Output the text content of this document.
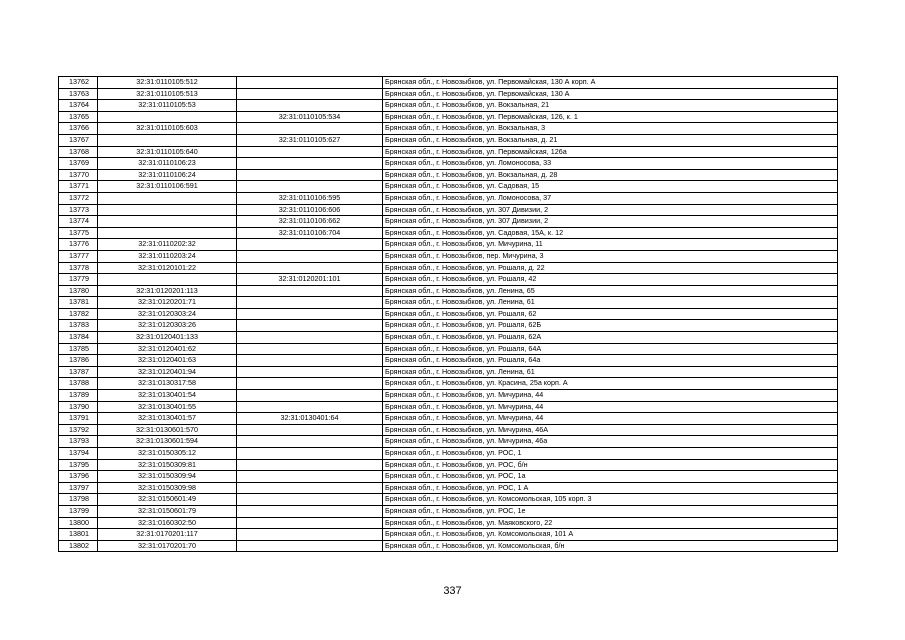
13762	32:31:0110105:512		Брянская обл., г. Новозыбков, ул. Первомайская, 130 А корп. А
13763	32:31:0110105:513		Брянская обл., г. Новозыбков, ул. Первомайская, 130 А
13764	32:31:0110105:53		Брянская обл., г. Новозыбков, ул. Вокзальная, 21
13765		32:31:0110105:534	Брянская обл., г. Новозыбков, ул. Первомайская, 126, к. 1
13766	32:31:0110105:603		Брянская обл., г. Новозыбков, ул. Вокзальная, 3
13767		32:31:0110105:627	Брянская обл., г. Новозыбков, ул. Вокзальная, д. 21
13768	32:31:0110105:640		Брянская обл., г. Новозыбков, ул. Первомайская, 126а
13769	32:31:0110106:23		Брянская обл., г. Новозыбков, ул. Ломоносова, 33
13770	32:31:0110106:24		Брянская обл., г. Новозыбков, ул. Вокзальная, д. 28
13771	32:31:0110106:591		Брянская обл., г. Новозыбков, ул. Садовая, 15
13772		32:31:0110106:595	Брянская обл., г. Новозыбков, ул. Ломоносова, 37
13773		32:31:0110106:606	Брянская обл., г. Новозыбков, ул. 307 Дивизии, 2
13774		32:31:0110106:662	Брянская обл., г. Новозыбков, ул. 307 Дивизии, 2
13775		32:31:0110106:704	Брянская обл., г. Новозыбков, ул. Садовая, 15А, к. 12
13776	32:31:0110202:32		Брянская обл., г. Новозыбков, ул. Мичурина, 11
13777	32:31:0110203:24		Брянская обл., г. Новозыбков, пер. Мичурина, 3
13778	32:31:0120101:22		Брянская обл., г. Новозыбков, ул. Рошаля, д. 22
13779		32:31:0120201:101	Брянская обл., г. Новозыбков, ул. Рошаля, 42
13780	32:31:0120201:113		Брянская обл., г. Новозыбков, ул. Ленина, 65
13781	32:31:0120201:71		Брянская обл., г. Новозыбков, ул. Ленина, 61
13782	32:31:0120303:24		Брянская обл., г. Новозыбков, ул. Рошаля, 62
13783	32:31:0120303:26		Брянская обл., г. Новозыбков, ул. Рошаля, 62Б
13784	32:31:0120401:133		Брянская обл., г. Новозыбков, ул. Рошаля, 62А
13785	32:31:0120401:62		Брянская обл., г. Новозыбков, ул. Рошаля, 64А
13786	32:31:0120401:63		Брянская обл., г. Новозыбков, ул. Рошаля, 64а
13787	32:31:0120401:94		Брянская обл., г. Новозыбков, ул. Ленина, 61
13788	32:31:0130317:58		Брянская обл., г. Новозыбков, ул. Красина, 25а корп. А
13789	32:31:0130401:54		Брянская обл., г. Новозыбков, ул. Мичурина, 44
13790	32:31:0130401:55		Брянская обл., г. Новозыбков, ул. Мичурина, 44
13791	32:31:0130401:57	32:31:0130401:64	Брянская обл., г. Новозыбков, ул. Мичурина, 44
13792	32:31:0130601:570		Брянская обл., г. Новозыбков, ул. Мичурина, 46А
13793	32:31:0130601:594		Брянская обл., г. Новозыбков, ул. Мичурина, 46а
13794	32:31:0150305:12		Брянская обл., г. Новозыбков, ул. РОС, 1
13795	32:31:0150309:81		Брянская обл., г. Новозыбков, ул. РОС, б/н
13796	32:31:0150309:94		Брянская обл., г. Новозыбков, ул. РОС, 1а
13797	32:31:0150309:98		Брянская обл., г. Новозыбков, ул. РОС, 1 А
13798	32:31:0150601:49		Брянская обл., г. Новозыбков, ул. Комсомольская, 105 корп. 3
13799	32:31:0150601:79		Брянская обл., г. Новозыбков, ул. РОС, 1е
13800	32:31:0160302:50		Брянская обл., г. Новозыбков, ул. Маяковского, 22
13801	32:31:0170201:117		Брянская обл., г. Новозыбков, ул. Комсомольская, 101 А
13802	32:31:0170201:70		Брянская обл., г. Новозыбков, ул. Комсомольская, б/н
337
